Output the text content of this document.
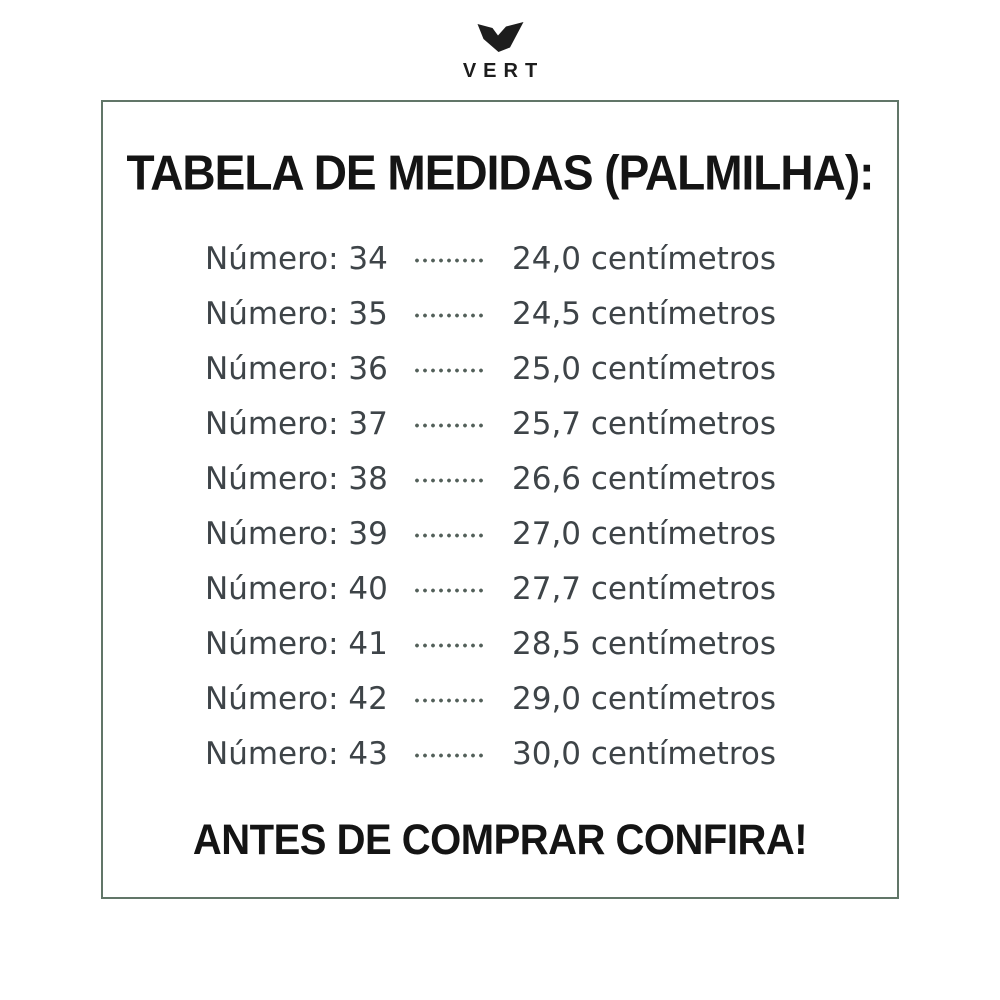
VERT
TABELA DE MEDIDAS (PALMILHA):
Número: 34	24,0 centímetros
Número: 35	24,5 centímetros
Número: 36	25,0 centímetros
Número: 37	25,7 centímetros
Número: 38	26,6 centímetros
Número: 39	27,0 centímetros
Número: 40	27,7 centímetros
Número: 41	28,5 centímetros
Número: 42	29,0 centímetros
Número: 43	30,0 centímetros
ANTES DE COMPRAR CONFIRA!
